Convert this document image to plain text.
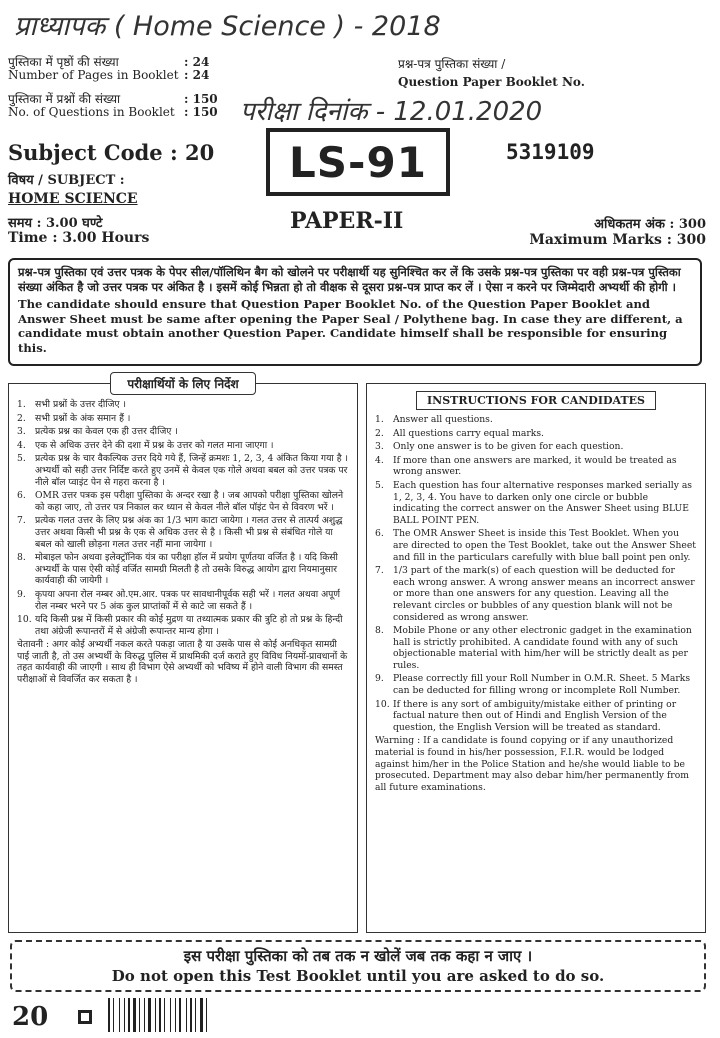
प्राध्यापक ( Home Science ) - 2018
पुस्तिका में पृष्ठों की संख्या	: 24
Number of Pages in Booklet : 24
पुस्तिका में प्रश्नों की संख्या	: 150
No. of Questions in Booklet : 150
प्रश्न-पत्र पुस्तिका संख्या /
Question Paper Booklet No.
परीक्षा दिनांक - 12.01.2020
Subject Code : 20
विषय / SUBJECT :
HOME SCIENCE
समय : 3.00 घण्टे
Time : 3.00 Hours
LS-91	5319109
PAPER-II	अधिकतम अंक : 300
Maximum Marks : 300
प्रश्न-पत्र पुस्तिका एवं उत्तर पत्रक के पेपर सील/पॉलिथिन बैग को खोलने पर परीक्षार्थी यह सुनिश्चित कर लें कि उसके प्रश्न-पत्र पुस्तिका पर वही प्रश्न-पत्र पुस्तिका संख्या अंकित है जो उत्तर पत्रक पर अंकित है । इसमें कोई भिन्नता हो तो वीक्षक से दूसरा प्रश्न-पत्र प्राप्त कर लें । ऐसा न करने पर जिम्मेदारी अभ्यर्थी की होगी ।
The candidate should ensure that Question Paper Booklet No. of the Question Paper Booklet and Answer Sheet must be same after opening the Paper Seal / Polythene bag. In case they are different, a candidate must obtain another Question Paper. Candidate himself shall be responsible for ensuring this.
परीक्षार्थियों के लिए निर्देश
1.	सभी प्रश्नों के उत्तर दीजिए ।
2.	सभी प्रश्नों के अंक समान हैं ।
3.	प्रत्येक प्रश्न का केवल एक ही उत्तर दीजिए ।
4.	एक से अधिक उत्तर देने की दशा में प्रश्न के उत्तर को गलत माना जाएगा ।
5.	प्रत्येक प्रश्न के चार वैकल्पिक उत्तर दिये गये हैं, जिन्हें क्रमशः 1, 2, 3, 4 अंकित किया गया है । अभ्यर्थी को सही उत्तर निर्दिष्ट करते हुए उनमें से केवल एक गोले अथवा बबल को उत्तर पत्रक पर नीले बॉल प्वाइंट पेन से गहरा करना है ।
6.	OMR उत्तर पत्रक इस परीक्षा पुस्तिका के अन्दर रखा है । जब आपको परीक्षा पुस्तिका खोलने को कहा जाए, तो उत्तर पत्र निकाल कर ध्यान से केवल नीले बॉल पॉइंट पेन से विवरण भरें ।
7.	प्रत्येक गलत उत्तर के लिए प्रश्न अंक का 1/3 भाग काटा जायेगा । गलत उत्तर से तात्पर्य अशुद्ध उत्तर अथवा किसी भी प्रश्न के एक से अधिक उत्तर से है । किसी भी प्रश्न से संबंधित गोले या बबल को खाली छोड़ना गलत उत्तर नहीं माना जायेगा ।
8.	मोबाइल फोन अथवा इलेक्ट्रॉनिक यंत्र का परीक्षा हॉल में प्रयोग पूर्णतया वर्जित है । यदि किसी अभ्यर्थी के पास ऐसी कोई वर्जित सामग्री मिलती है तो उसके विरुद्ध आयोग द्वारा नियमानुसार कार्यवाही की जायेगी ।
9.	कृपया अपना रोल नम्बर ओ.एम.आर. पत्रक पर सावधानीपूर्वक सही भरें । गलत अथवा अपूर्ण रोल नम्बर भरने पर 5 अंक कुल प्राप्तांकों में से काटे जा सकते हैं ।
10. यदि किसी प्रश्न में किसी प्रकार की कोई मुद्रण या तथ्यात्मक प्रकार की त्रुटि हो तो प्रश्न के हिन्दी तथा अंग्रेजी रूपान्तरों में से अंग्रेजी रूपान्तर मान्य होगा ।
चेतावनी : अगर कोई अभ्यर्थी नकल करते पकड़ा जाता है या उसके पास से कोई अनधिकृत सामग्री पाई जाती है, तो उस अभ्यर्थी के विरुद्ध पुलिस में प्राथमिकी दर्ज कराते हुए विविध नियमों-प्रावधानों के तहत कार्यवाही की जाएगी । साथ ही विभाग ऐसे अभ्यर्थी को भविष्य में होने वाली विभाग की समस्त परीक्षाओं से विवर्जित कर सकता है ।
INSTRUCTIONS FOR CANDIDATES
1.	Answer all questions.
2.	All questions carry equal marks.
3.	Only one answer is to be given for each question.
4.	If more than one answers are marked, it would be treated as wrong answer.
5.	Each question has four alternative responses marked serially as 1, 2, 3, 4. You have to darken only one circle or bubble indicating the correct answer on the Answer Sheet using BLUE BALL POINT PEN.
6.	The OMR Answer Sheet is inside this Test Booklet. When you are directed to open the Test Booklet, take out the Answer Sheet and fill in the particulars carefully with blue ball point pen only.
7.	1/3 part of the mark(s) of each question will be deducted for each wrong answer. A wrong answer means an incorrect answer or more than one answers for any question. Leaving all the relevant circles or bubbles of any question blank will not be considered as wrong answer.
8.	Mobile Phone or any other electronic gadget in the examination hall is strictly prohibited. A candidate found with any of such objectionable material with him/her will be strictly dealt as per rules.
9.	Please correctly fill your Roll Number in O.M.R. Sheet. 5 Marks can be deducted for filling wrong or incomplete Roll Number.
10. If there is any sort of ambiguity/mistake either of printing or factual nature then out of Hindi and English Version of the question, the English Version will be treated as standard.
Warning : If a candidate is found copying or if any unauthorized material is found in his/her possession, F.I.R. would be lodged against him/her in the Police Station and he/she would liable to be prosecuted. Department may also debar him/her permanently from all future examinations.
इस परीक्षा पुस्तिका को तब तक न खोलें जब तक कहा न जाए ।
Do not open this Test Booklet until you are asked to do so.
20
